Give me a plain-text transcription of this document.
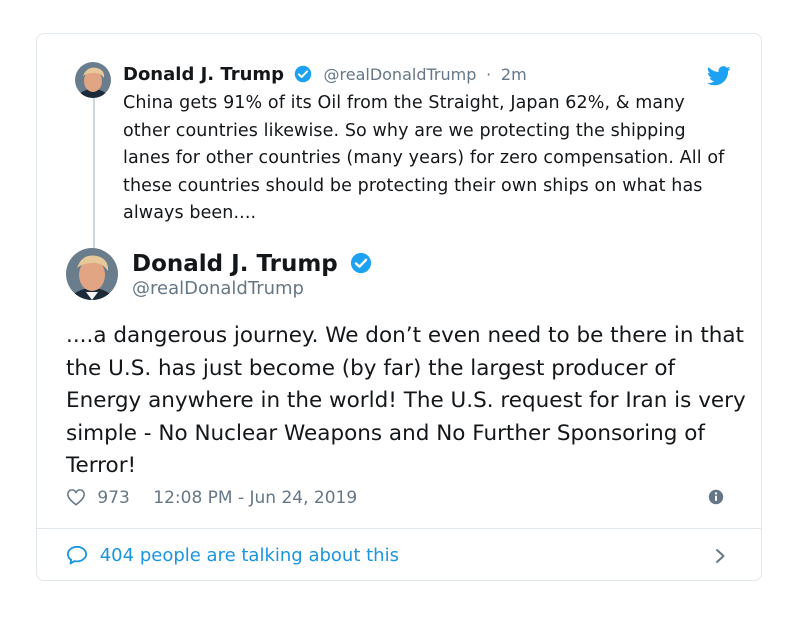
Donald J. Trump @realDonaldTrump · 2m
China gets 91% of its Oil from the Straight, Japan 62%, & many other countries likewise. So why are we protecting the shipping lanes for other countries (many years) for zero compensation. All of these countries should be protecting their own ships on what has always been....
Donald J. Trump
@realDonaldTrump
....a dangerous journey. We don’t even need to be there in that the U.S. has just become (by far) the largest producer of Energy anywhere in the world! The U.S. request for Iran is very simple - No Nuclear Weapons and No Further Sponsoring of Terror!
973 12:08 PM - Jun 24, 2019
404 people are talking about this
